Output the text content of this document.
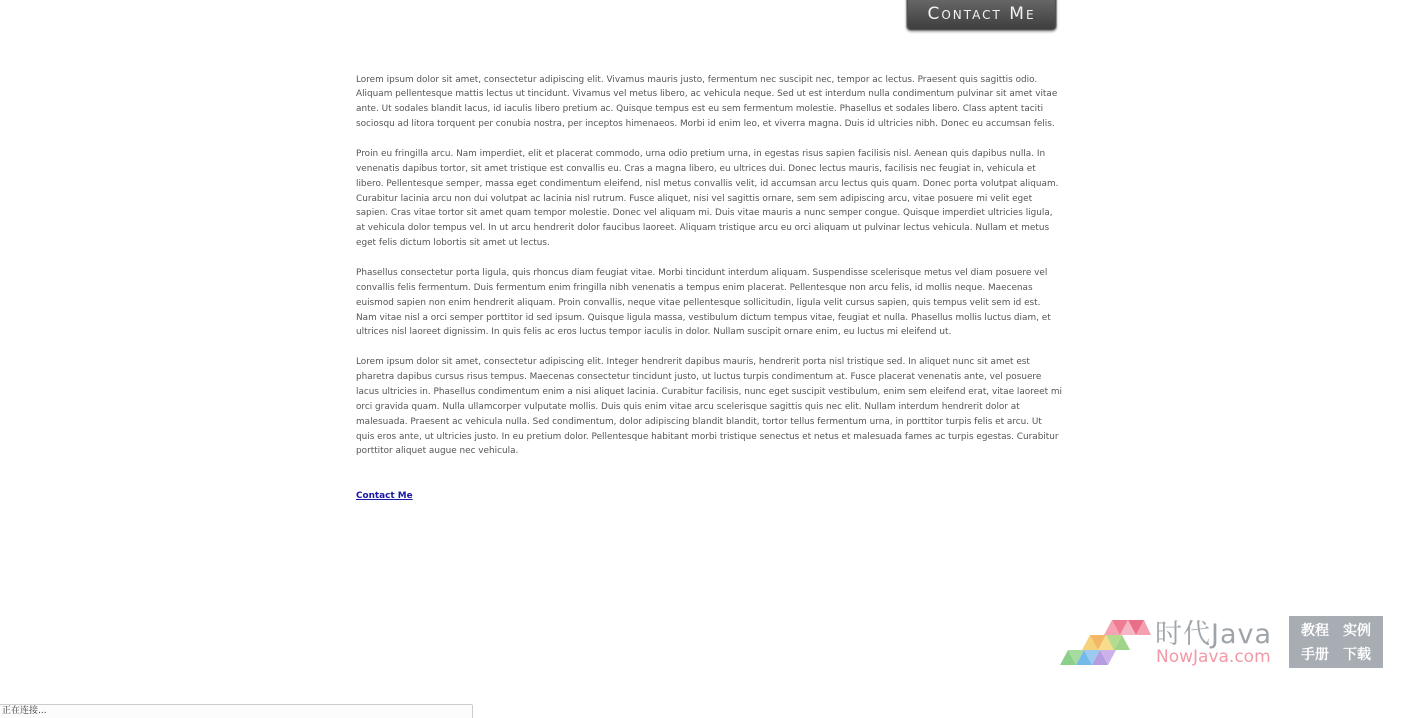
Contact Me

Lorem ipsum dolor sit amet, consectetur adipiscing elit. Vivamus mauris justo, fermentum nec suscipit nec, tempor ac lectus. Praesent quis sagittis odio.
Aliquam pellentesque mattis lectus ut tincidunt. Vivamus vel metus libero, ac vehicula neque. Sed ut est interdum nulla condimentum pulvinar sit amet vitae
ante. Ut sodales blandit lacus, id iaculis libero pretium ac. Quisque tempus est eu sem fermentum molestie. Phasellus et sodales libero. Class aptent taciti
sociosqu ad litora torquent per conubia nostra, per inceptos himenaeos. Morbi id enim leo, et viverra magna. Duis id ultricies nibh. Donec eu accumsan felis.

Proin eu fringilla arcu. Nam imperdiet, elit et placerat commodo, urna odio pretium urna, in egestas risus sapien facilisis nisl. Aenean quis dapibus nulla. In
venenatis dapibus tortor, sit amet tristique est convallis eu. Cras a magna libero, eu ultrices dui. Donec lectus mauris, facilisis nec feugiat in, vehicula et
libero. Pellentesque semper, massa eget condimentum eleifend, nisl metus convallis velit, id accumsan arcu lectus quis quam. Donec porta volutpat aliquam.
Curabitur lacinia arcu non dui volutpat ac lacinia nisl rutrum. Fusce aliquet, nisi vel sagittis ornare, sem sem adipiscing arcu, vitae posuere mi velit eget
sapien. Cras vitae tortor sit amet quam tempor molestie. Donec vel aliquam mi. Duis vitae mauris a nunc semper congue. Quisque imperdiet ultricies ligula,
at vehicula dolor tempus vel. In ut arcu hendrerit dolor faucibus laoreet. Aliquam tristique arcu eu orci aliquam ut pulvinar lectus vehicula. Nullam et metus
eget felis dictum lobortis sit amet ut lectus.

Phasellus consectetur porta ligula, quis rhoncus diam feugiat vitae. Morbi tincidunt interdum aliquam. Suspendisse scelerisque metus vel diam posuere vel
convallis felis fermentum. Duis fermentum enim fringilla nibh venenatis a tempus enim placerat. Pellentesque non arcu felis, id mollis neque. Maecenas
euismod sapien non enim hendrerit aliquam. Proin convallis, neque vitae pellentesque sollicitudin, ligula velit cursus sapien, quis tempus velit sem id est.
Nam vitae nisl a orci semper porttitor id sed ipsum. Quisque ligula massa, vestibulum dictum tempus vitae, feugiat et nulla. Phasellus mollis luctus diam, et
ultrices nisl laoreet dignissim. In quis felis ac eros luctus tempor iaculis in dolor. Nullam suscipit ornare enim, eu luctus mi eleifend ut.

Lorem ipsum dolor sit amet, consectetur adipiscing elit. Integer hendrerit dapibus mauris, hendrerit porta nisl tristique sed. In aliquet nunc sit amet est
pharetra dapibus cursus risus tempus. Maecenas consectetur tincidunt justo, ut luctus turpis condimentum at. Fusce placerat venenatis ante, vel posuere
lacus ultricies in. Phasellus condimentum enim a nisi aliquet lacinia. Curabitur facilisis, nunc eget suscipit vestibulum, enim sem eleifend erat, vitae laoreet mi
orci gravida quam. Nulla ullamcorper vulputate mollis. Duis quis enim vitae arcu scelerisque sagittis quis nec elit. Nullam interdum hendrerit dolor at
malesuada. Praesent ac vehicula nulla. Sed condimentum, dolor adipiscing blandit blandit, tortor tellus fermentum urna, in porttitor turpis felis et arcu. Ut
quis eros ante, ut ultricies justo. In eu pretium dolor. Pellentesque habitant morbi tristique senectus et netus et malesuada fames ac turpis egestas. Curabitur
porttitor aliquet augue nec vehicula.

Contact Me
时代Java
NowJava.com
教程 实例
手册 下载
正在连接...
